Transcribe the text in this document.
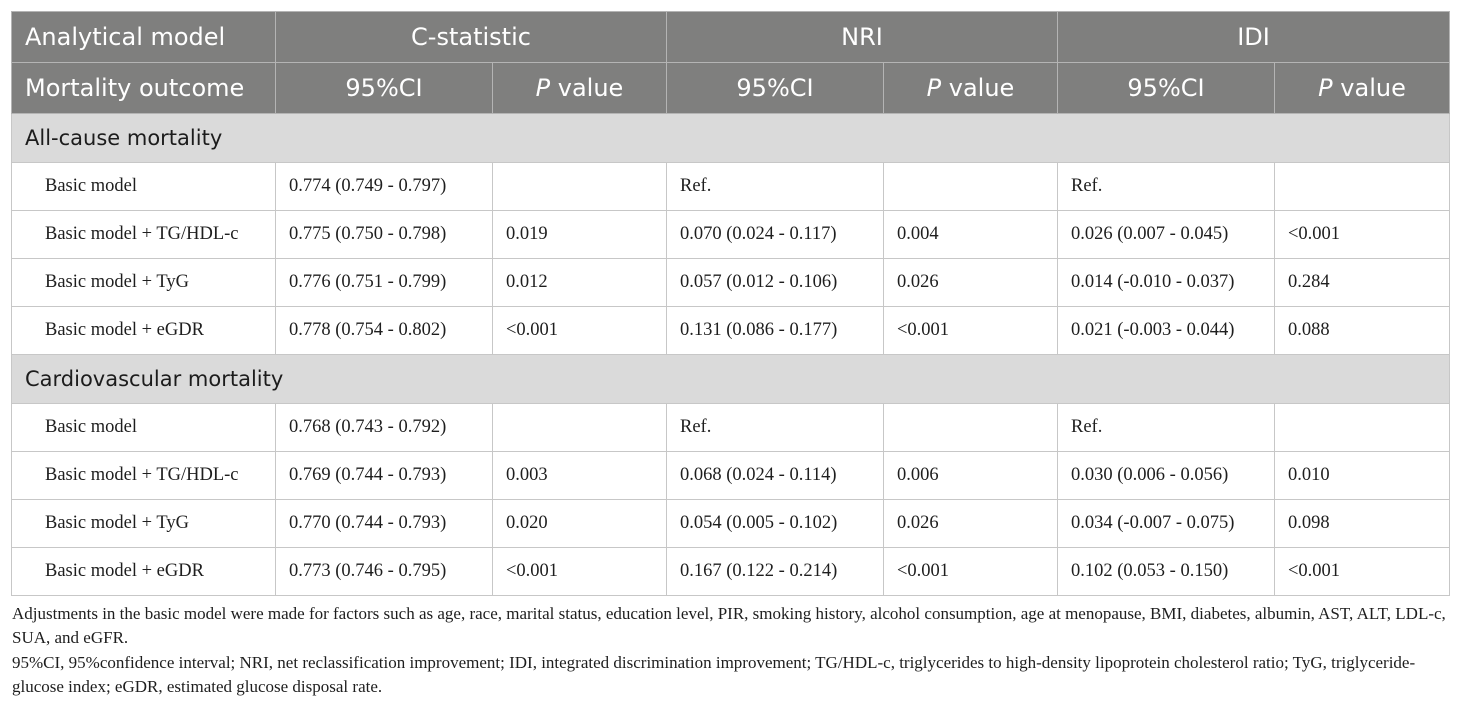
Analytical model	C-statistic		NRI		IDI	
Mortality outcome	95%CI	P value	95%CI	P value	95%CI	P value
All-cause mortality						
Basic model	0.774 (0.749 - 0.797)		Ref.		Ref.	
Basic model + TG/HDL-c	0.775 (0.750 - 0.798)	0.019	0.070 (0.024 - 0.117)	0.004	0.026 (0.007 - 0.045)	<0.001
Basic model + TyG	0.776 (0.751 - 0.799)	0.012	0.057 (0.012 - 0.106)	0.026	0.014 (-0.010 - 0.037)	0.284
Basic model + eGDR	0.778 (0.754 - 0.802)	<0.001	0.131 (0.086 - 0.177)	<0.001	0.021 (-0.003 - 0.044)	0.088
Cardiovascular mortality						
Basic model	0.768 (0.743 - 0.792)		Ref.		Ref.	
Basic model + TG/HDL-c	0.769 (0.744 - 0.793)	0.003	0.068 (0.024 - 0.114)	0.006	0.030 (0.006 - 0.056)	0.010
Basic model + TyG	0.770 (0.744 - 0.793)	0.020	0.054 (0.005 - 0.102)	0.026	0.034 (-0.007 - 0.075)	0.098
Basic model + eGDR	0.773 (0.746 - 0.795)	<0.001	0.167 (0.122 - 0.214)	<0.001	0.102 (0.053 - 0.150)	<0.001
Adjustments in the basic model were made for factors such as age, race, marital status, education level, PIR, smoking history, alcohol consumption, age at menopause, BMI, diabetes, albumin, AST, ALT, LDL-c, SUA, and eGFR.
95%CI, 95%confidence interval; NRI, net reclassification improvement; IDI, integrated discrimination improvement; TG/HDL-c, triglycerides to high-density lipoprotein cholesterol ratio; TyG, triglyceride-glucose index; eGDR, estimated glucose disposal rate.
